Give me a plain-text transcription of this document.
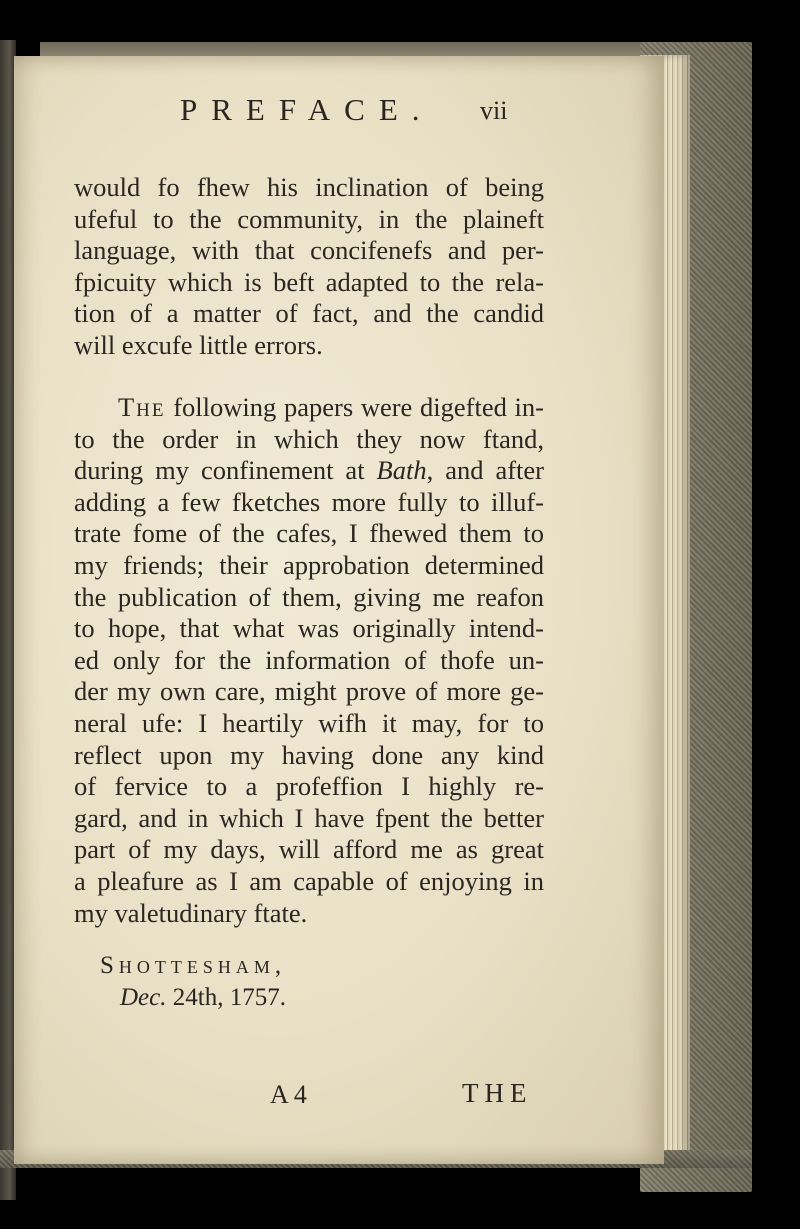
PREFACE. vii
would fo fhew his inclination of being
ufeful to the community, in the plaineft
language, with that concifenefs and per-
fpicuity which is beft adapted to the rela-
tion of a matter of fact, and the candid
will excufe little errors.
The following papers were digefted in-
to the order in which they now ftand,
during my confinement at Bath, and after
adding a few fketches more fully to illuf-
trate fome of the cafes, I fhewed them to
my friends; their approbation determined
the publication of them, giving me reafon
to hope, that what was originally intend-
ed only for the information of thofe un-
der my own care, might prove of more ge-
neral ufe: I heartily wifh it may, for to
reflect upon my having done any kind
of fervice to a profeffion I highly re-
gard, and in which I have fpent the better
part of my days, will afford me as great
a pleafure as I am capable of enjoying in
my valetudinary ftate.
Shottesham,
Dec. 24th, 1757.
A 4	THE
